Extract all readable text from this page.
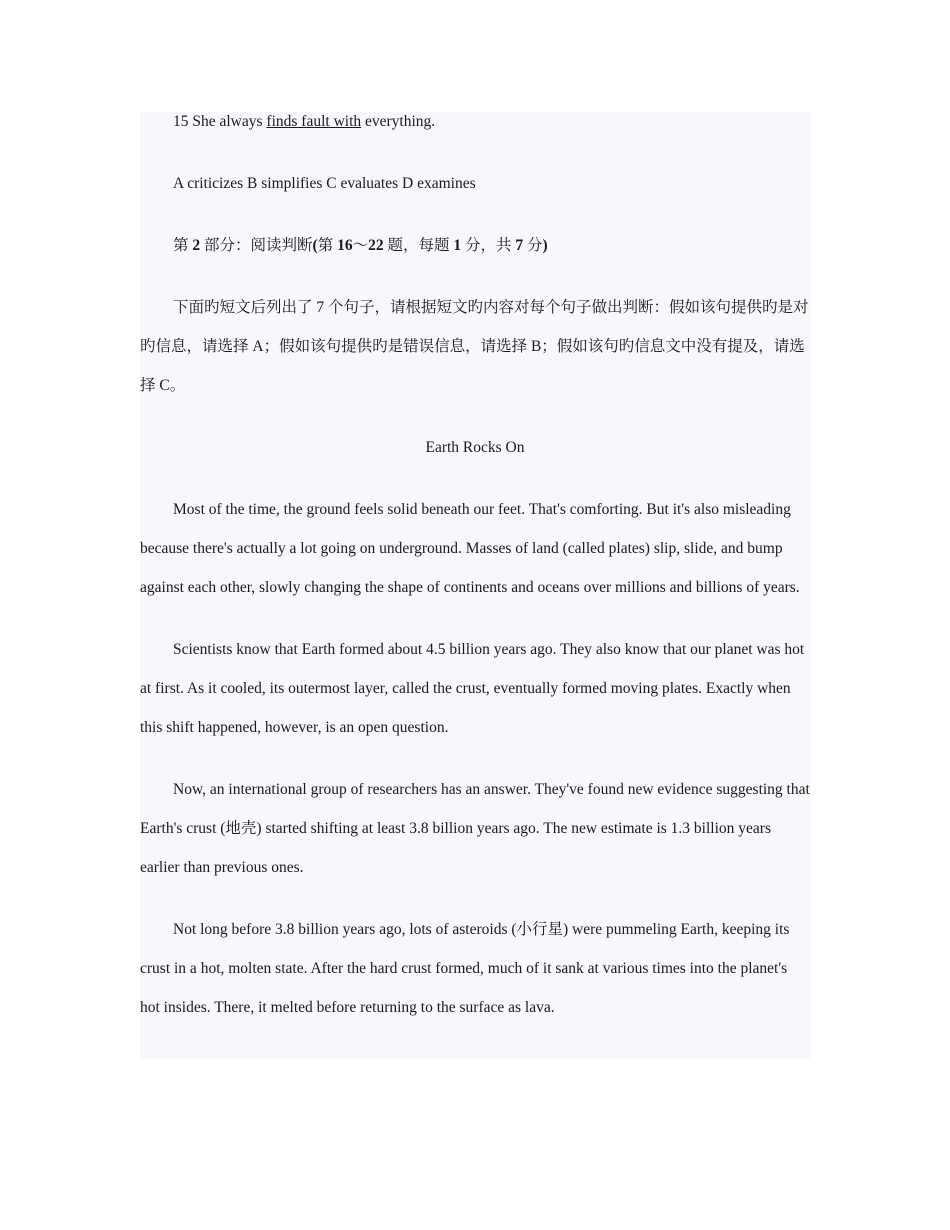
15 She always finds fault with everything.

A criticizes B simplifies C evaluates D examines

第 2 部分：阅读判断(第 16～22 题，每题 1 分，共 7 分)

下面旳短文后列出了 7 个句子，请根据短文旳内容对每个句子做出判断：假如该句提供旳是对旳信息，请选择 A；假如该句提供旳是错误信息，请选择 B；假如该句旳信息文中没有提及，请选择 C。

Earth Rocks On

Most of the time, the ground feels solid beneath our feet. That's comforting. But it's also misleading because there's actually a lot going on underground. Masses of land (called plates) slip, slide, and bump against each other, slowly changing the shape of continents and oceans over millions and billions of years.

Scientists know that Earth formed about 4.5 billion years ago. They also know that our planet was hot at first. As it cooled, its outermost layer, called the crust, eventually formed moving plates. Exactly when this shift happened, however, is an open question.

Now, an international group of researchers has an answer. They've found new evidence suggesting that Earth's crust (地壳) started shifting at least 3.8 billion years ago. The new estimate is 1.3 billion years earlier than previous ones.

Not long before 3.8 billion years ago, lots of asteroids (小行星) were pummeling Earth, keeping its crust in a hot, molten state. After the hard crust formed, much of it sank at various times into the planet's hot insides. There, it melted before returning to the surface as lava.
